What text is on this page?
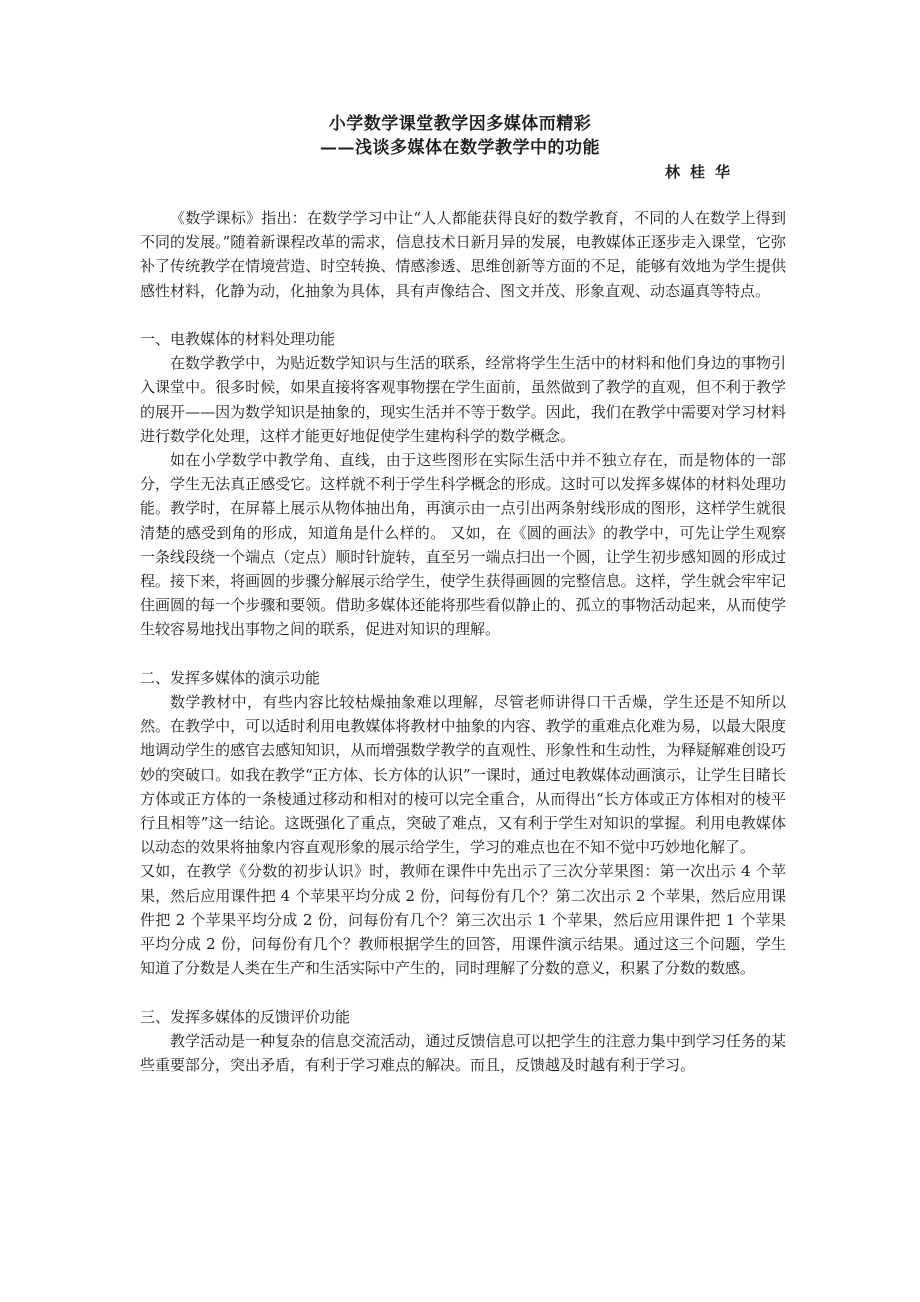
小学数学课堂教学因多媒体而精彩
——浅谈多媒体在数学教学中的功能
林桂华

《数学课标》指出：在数学学习中让“人人都能获得良好的数学教育，不同的人在数学上得到不同的发展。”随着新课程改革的需求，信息技术日新月异的发展，电教媒体正逐步走入课堂，它弥补了传统教学在情境营造、时空转换、情感渗透、思维创新等方面的不足，能够有效地为学生提供感性材料，化静为动，化抽象为具体，具有声像结合、图文并茂、形象直观、动态逼真等特点。

一、电教媒体的材料处理功能

在数学教学中，为贴近数学知识与生活的联系，经常将学生生活中的材料和他们身边的事物引入课堂中。很多时候，如果直接将客观事物摆在学生面前，虽然做到了教学的直观，但不利于教学的展开——因为数学知识是抽象的，现实生活并不等于数学。因此，我们在教学中需要对学习材料进行数学化处理，这样才能更好地促使学生建构科学的数学概念。

如在小学数学中教学角、直线，由于这些图形在实际生活中并不独立存在，而是物体的一部分，学生无法真正感受它。这样就不利于学生科学概念的形成。这时可以发挥多媒体的材料处理功能。教学时，在屏幕上展示从物体抽出角，再演示由一点引出两条射线形成的图形，这样学生就很清楚的感受到角的形成，知道角是什么样的。 又如，在《圆的画法》的教学中，可先让学生观察一条线段绕一个端点（定点）顺时针旋转，直至另一端点扫出一个圆，让学生初步感知圆的形成过程。接下来，将画圆的步骤分解展示给学生，使学生获得画圆的完整信息。这样，学生就会牢牢记住画圆的每一个步骤和要领。借助多媒体还能将那些看似静止的、孤立的事物活动起来，从而使学生较容易地找出事物之间的联系，促进对知识的理解。

二、发挥多媒体的演示功能

数学教材中，有些内容比较枯燥抽象难以理解，尽管老师讲得口干舌燥，学生还是不知所以然。在教学中，可以适时利用电教媒体将教材中抽象的内容、教学的重难点化难为易，以最大限度地调动学生的感官去感知知识，从而增强数学教学的直观性、形象性和生动性，为释疑解难创设巧妙的突破口。如我在教学“正方体、长方体的认识”一课时，通过电教媒体动画演示，让学生目睹长方体或正方体的一条棱通过移动和相对的棱可以完全重合，从而得出“长方体或正方体相对的棱平行且相等”这一结论。这既强化了重点，突破了难点，又有利于学生对知识的掌握。利用电教媒体以动态的效果将抽象内容直观形象的展示给学生，学习的难点也在不知不觉中巧妙地化解了。

又如，在教学《分数的初步认识》时，教师在课件中先出示了三次分苹果图：第一次出示 4 个苹果，然后应用课件把 4 个苹果平均分成 2 份，问每份有几个？第二次出示 2 个苹果，然后应用课件把 2 个苹果平均分成 2 份，问每份有几个？第三次出示 1 个苹果，然后应用课件把 1 个苹果平均分成 2 份，问每份有几个？教师根据学生的回答，用课件演示结果。通过这三个问题，学生知道了分数是人类在生产和生活实际中产生的，同时理解了分数的意义，积累了分数的数感。

三、发挥多媒体的反馈评价功能

教学活动是一种复杂的信息交流活动，通过反馈信息可以把学生的注意力集中到学习任务的某些重要部分，突出矛盾，有利于学习难点的解决。而且，反馈越及时越有利于学习。
